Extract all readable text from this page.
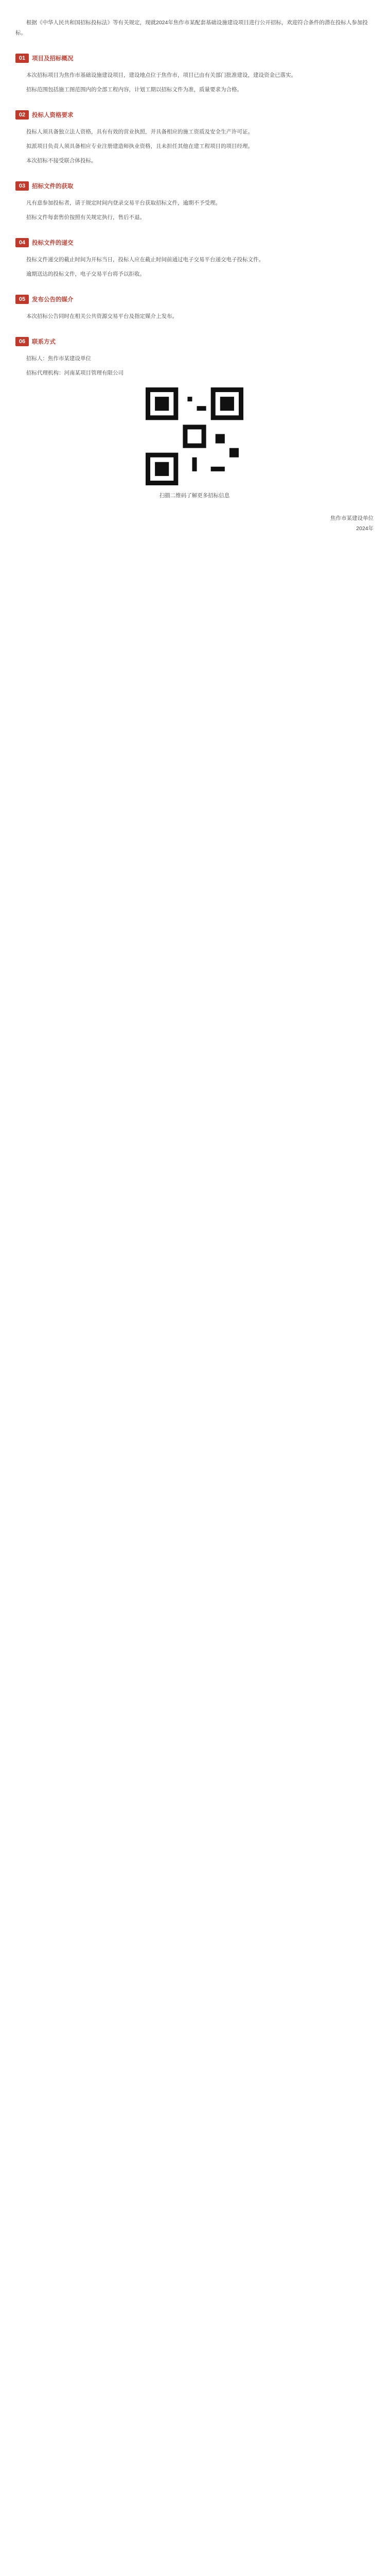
根据《中华人民共和国招标投标法》等有关规定，现就2024年焦作市某配套基础设施建设项目进行公开招标，欢迎符合条件的潜在投标人参加投标。

01	项目及招标概况

本次招标项目为焦作市基础设施建设项目，建设地点位于焦作市，项目已由有关部门批准建设，建设资金已落实。

招标范围包括施工图范围内的全部工程内容，计划工期以招标文件为准，质量要求为合格。

02	投标人资格要求

投标人须具备独立法人资格，具有有效的营业执照，并具备相应的施工资质及安全生产许可证。

拟派项目负责人须具备相应专业注册建造师执业资格，且未担任其他在建工程项目的项目经理。

本次招标不接受联合体投标。

03	招标文件的获取

凡有意参加投标者，请于规定时间内登录交易平台获取招标文件，逾期不予受理。

招标文件每套售价按照有关规定执行，售后不退。

04	投标文件的递交

投标文件递交的截止时间为开标当日，投标人应在截止时间前通过电子交易平台递交电子投标文件。

逾期送达的投标文件，电子交易平台将予以拒收。

05	发布公告的媒介

本次招标公告同时在相关公共资源交易平台及指定媒介上发布。

06	联系方式

招标人：焦作市某建设单位

招标代理机构：河南某项目管理有限公司

扫描二维码了解更多招标信息

焦作市某建设单位
2024年
